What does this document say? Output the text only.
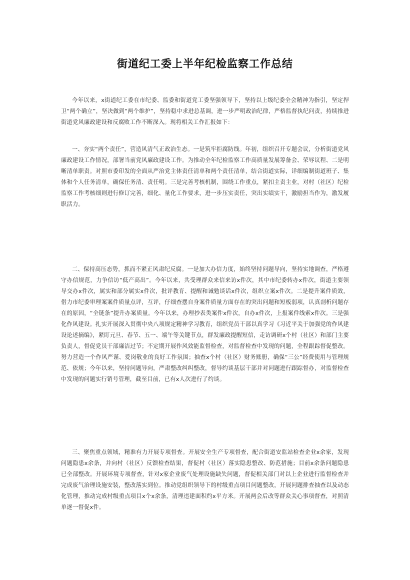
街道纪工委上半年纪检监察工作总结
今年以来，x街道纪工委在市纪委、监委和街道党工委坚强领导下，坚持以上级纪委全会精神为指引，坚定捍卫“两个确立”，坚决做到“两个维护”，坚持稳中求进总基调，进一步严明政治纪律，严格监督执纪问责，持续推进街道党风廉政建设和反腐败工作不断深入。现将相关工作汇报如下：
一、夯实“两个责任”，营造风清气正政治生态。一是筑牢拒腐防线。年初，组织召开专题会议，分析街道党风廉政建设工作情况，部署当前党风廉政建设工作。为推动全年纪检监察工作高质量发展筹备会、荣辱议程、二是明晰清单职责。对照市委印发的全面从严治党主体责任清单和两个责任清单，结合街道实际，详细编制街道班子、集体和个人任务清单，确保任务清、责任明。三是完善考核机制，围绕工作重点，紧扣主责主业，对村（社区）纪检监察工作考核细则进行修订完善，细化、量化工作要求，进一步压实责任，突出实绩实干，激励担当作为，激发履职活力。
二、保持高压态势，抓而不紧正风肃纪反腐。一是加大办信力度，始终坚持问题导向，坚持实地调查，严格遵守办信规范，力争信访“低产高出”。今年以来，共受理群众来信来访x件次，其中市纪委转办x件次，街道主要领导交办x件次，属实和部分属实x件次，批评教育、提醒和诫勉谈话x件次，组织立案x件次。二是提升案件质效，借力市纪委审理案案件质量点评，互评，仔细查摆自身案件质量方面存在的突出问题和短板弱项，认真剖析问题存在的原因，“全链条”提升办案质量。今年以来，办理抄表类案件x件次，自办x件次，上报案件线索x件次。三是强化作风建设。扎实开展深入贯彻中央八项规定精神学习教育，组织党员干部以真学习《习近平关于加强党的作风建设论述摘编》，紧盯元旦、春节、五一、端午等关键节点，群发廉政提醒短信，走访调研x个村（社区）和部门主要负责人，督促党员干部廉洁过节；不定期开展作风效能监督检查，对监督检查中发现的问题，全程跟踪督促整改。努力营造一个作风严谨、爱岗敬业的良好工作氛围；抽查x个村（社区）财务账册，确保“三公”经费使用与管理规范、依规；今年以来，坚持问题导向，严肃整改纠纠整改，督导约谈基层干部并对问题进行跟踪督办，对监督检查中发现的问题实行销号管理，截至目前，已有x人次进行了约谈。
三、聚焦重点领域，精准有力开展专项督查。开展安全生产专项督查，配合街道安监站检查企业x余家，发现问题隐患x余条，并向村（社区）反馈检查结果，督促村（社区）落实隐患整改、防范措施；目前x余条问题隐患已全部整改。开展环境专项督查，针对x家企业废气处理设施缺失问题，督促相关部门对以上企业进行监督检查并完成废气治理设施安装，整改落实到位。推动党组织领导下的村级重点项目问题整改，开展问题排查抽查以及动态化管理，推动完成村级重点项目x个x余条，清理违建面积约x平方米。开展两会后改等群众关心事项督查，对照清单逐一督促x件。
